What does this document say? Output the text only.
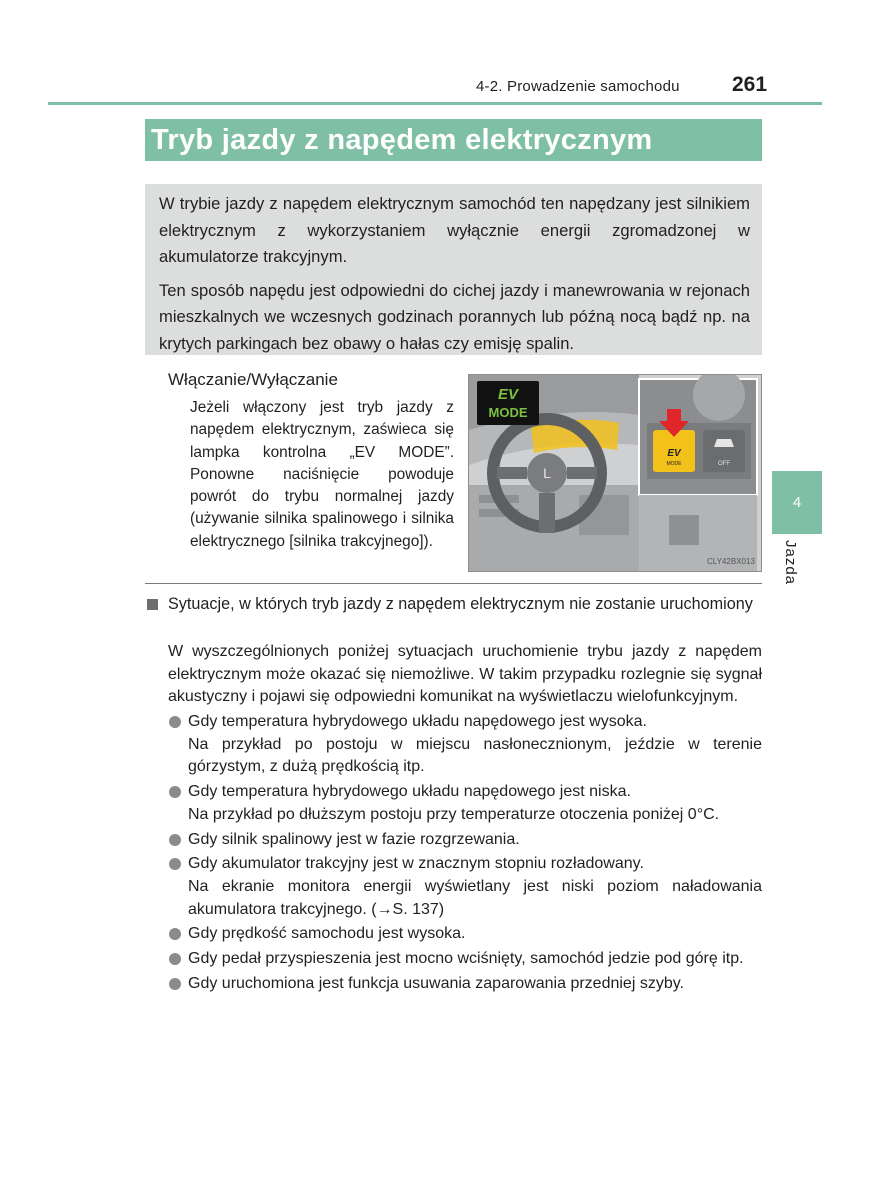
4-2. Prowadzenie samochodu 261
Tryb jazdy z napędem elektrycznym

W trybie jazdy z napędem elektrycznym samochód ten napędzany jest silnikiem elektrycznym z wykorzystaniem wyłącznie energii zgromadzonej w akumulatorze trakcyjnym.

Ten sposób napędu jest odpowiedni do cichej jazdy i manewrowania w rejonach mieszkalnych we wczesnych godzinach porannych lub późną nocą bądź np. na krytych parkingach bez obawy o hałas czy emisję spalin.

Włączanie/Wyłączanie
Jeżeli włączony jest tryb jazdy z napędem elektrycznym, zaświeca się lampka kontrolna „EV MODE”. Ponowne naciśnięcie powoduje powrót do trybu normalnej jazdy (używanie silnika spalinowego i silnika elektrycznego [silnika trakcyjnego]).
L
EV
MODE
EV
MODE	OFF
CLY42BX013
Sytuacje, w których tryb jazdy z napędem elektrycznym nie zostanie uruchomiony
W wyszczególnionych poniżej sytuacjach uruchomienie trybu jazdy z napędem elektrycznym może okazać się niemożliwe. W takim przypadku rozlegnie się sygnał akustyczny i pojawi się odpowiedni komunikat na wyświetlaczu wielofunkcyjnym.
Gdy temperatura hybrydowego układu napędowego jest wysoka.
Na przykład po postoju w miejscu nasłonecznionym, jeździe w terenie górzystym, z dużą prędkością itp.
Gdy temperatura hybrydowego układu napędowego jest niska.
Na przykład po dłuższym postoju przy temperaturze otoczenia poniżej 0°C.
Gdy silnik spalinowy jest w fazie rozgrzewania.
Gdy akumulator trakcyjny jest w znacznym stopniu rozładowany.
Na ekranie monitora energii wyświetlany jest niski poziom naładowania akumulatora trakcyjnego. (→S. 137)
Gdy prędkość samochodu jest wysoka.
Gdy pedał przyspieszenia jest mocno wciśnięty, samochód jedzie pod górę itp.
Gdy uruchomiona jest funkcja usuwania zaparowania przedniej szyby.
4
Jazda
